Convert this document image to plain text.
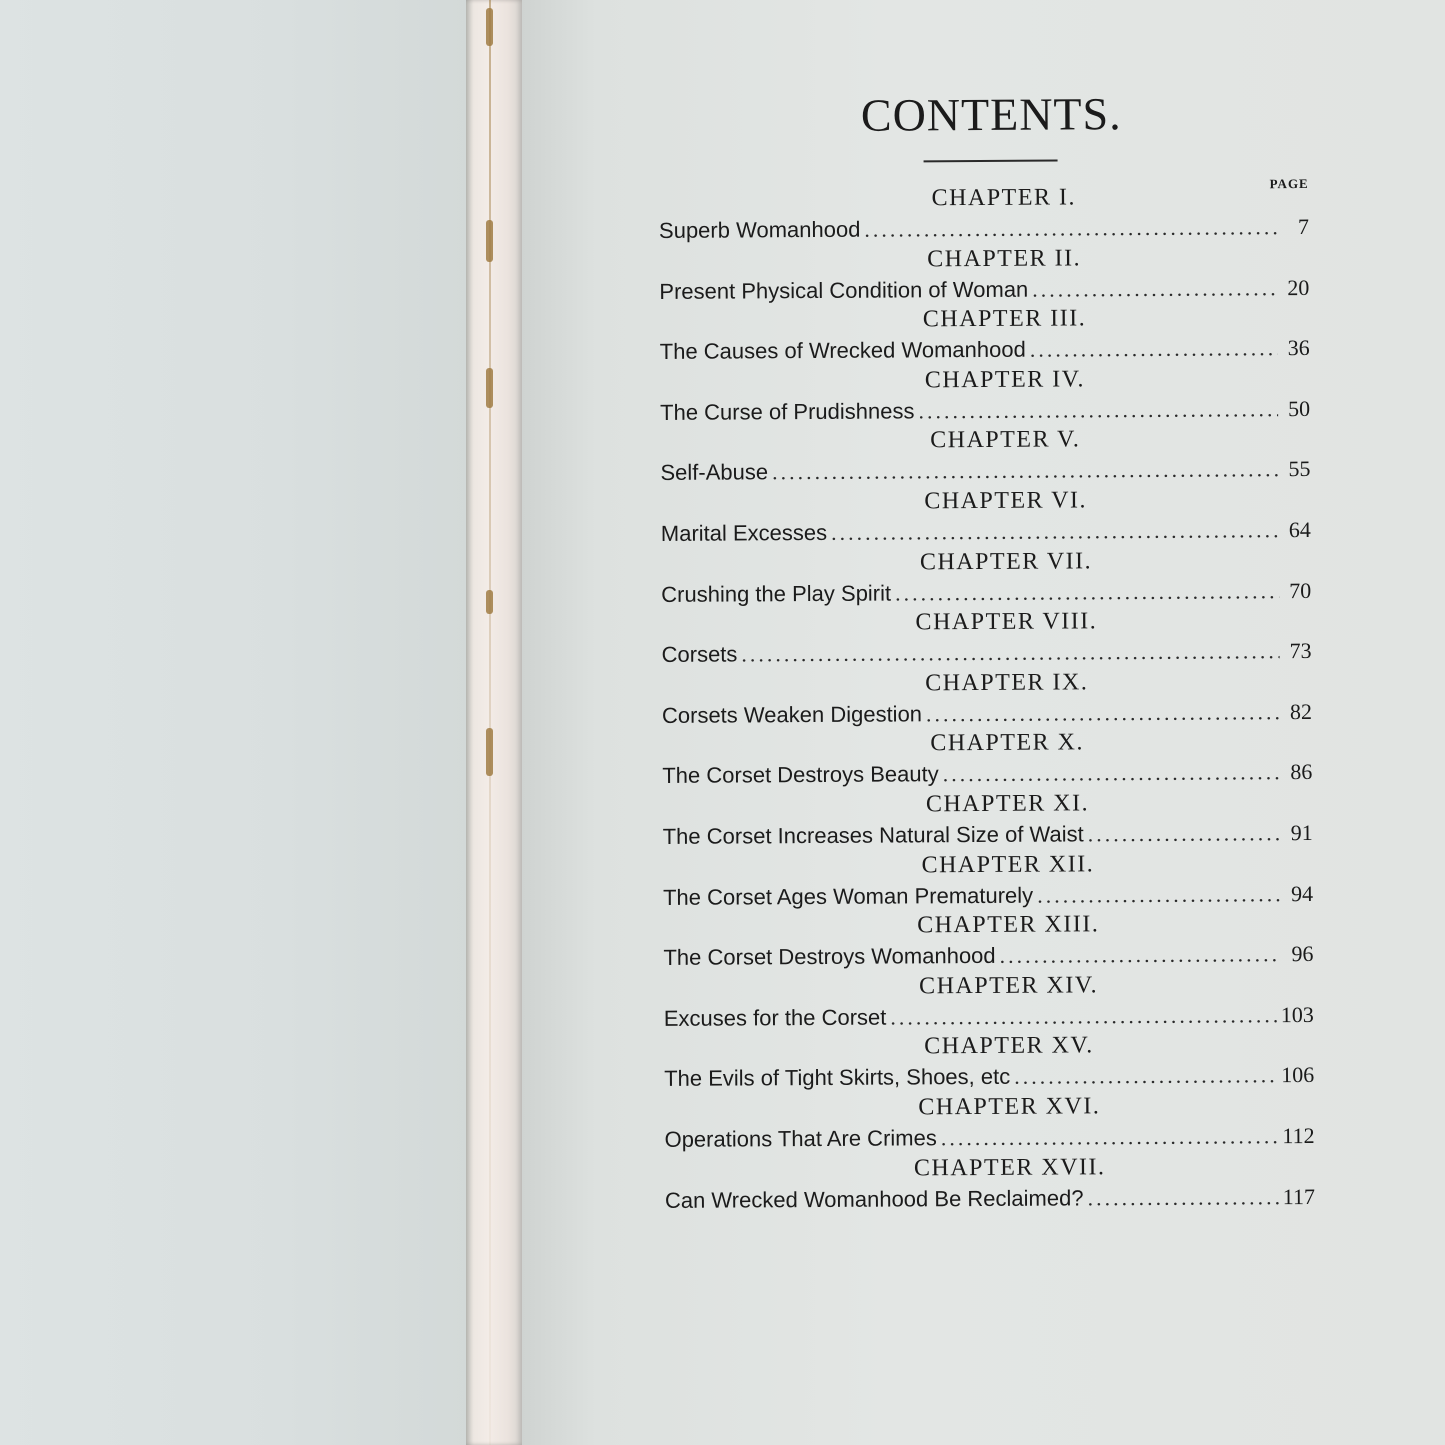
CONTENTS.
PAGE
CHAPTER I.
Superb Womanhood .....	7
CHAPTER II.
Present Physical Condition of Woman .....	20
CHAPTER III.
The Causes of Wrecked Womanhood .....	36
CHAPTER IV.
The Curse of Prudishness .....	50
CHAPTER V.
Self-Abuse .....	55
CHAPTER VI.
Marital Excesses .....	64
CHAPTER VII.
Crushing the Play Spirit .....	70
CHAPTER VIII.
Corsets .....	73
CHAPTER IX.
Corsets Weaken Digestion .....	82
CHAPTER X.
The Corset Destroys Beauty .....	86
CHAPTER XI.
The Corset Increases Natural Size of Waist .....	91
CHAPTER XII.
The Corset Ages Woman Prematurely .....	94
CHAPTER XIII.
The Corset Destroys Womanhood .....	96
CHAPTER XIV.
Excuses for the Corset .....	103
CHAPTER XV.
The Evils of Tight Skirts, Shoes, etc .....	106
CHAPTER XVI.
Operations That Are Crimes .....	112
CHAPTER XVII.
Can Wrecked Womanhood Be Reclaimed? .....	117
